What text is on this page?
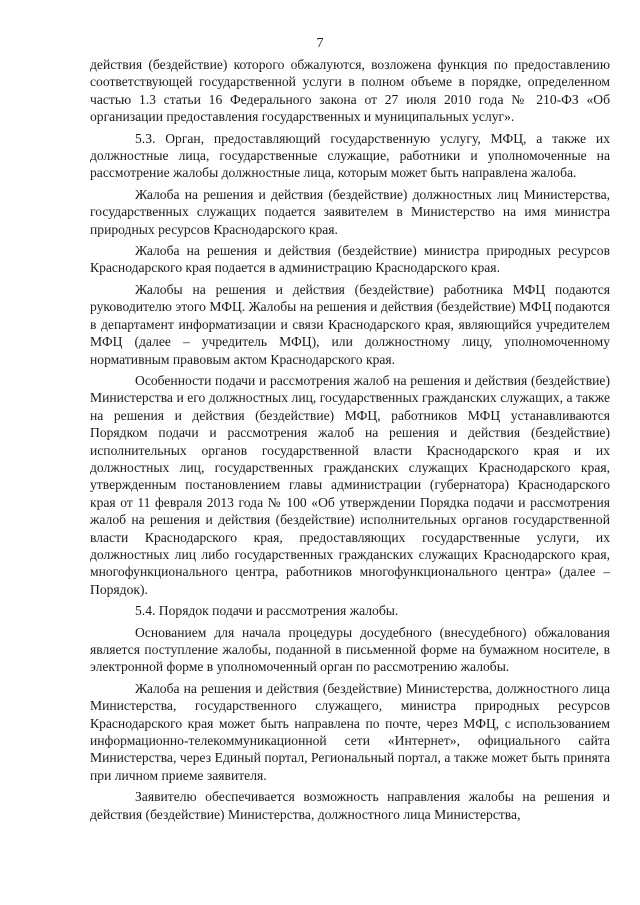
7

действия (бездействие) которого обжалуются, возложена функция по предоставлению соответствующей государственной услуги в полном объеме в порядке, определенном частью 1.3 статьи 16 Федерального закона от 27 июля 2010 года № 210-ФЗ «Об организации предоставления государственных и муниципальных услуг».

5.3. Орган, предоставляющий государственную услугу, МФЦ, а также их должностные лица, государственные служащие, работники и уполномоченные на рассмотрение жалобы должностные лица, которым может быть направлена жалоба.

Жалоба на решения и действия (бездействие) должностных лиц Министерства, государственных служащих подается заявителем в Министерство на имя министра природных ресурсов Краснодарского края.

Жалоба на решения и действия (бездействие) министра природных ресурсов Краснодарского края подается в администрацию Краснодарского края.

Жалобы на решения и действия (бездействие) работника МФЦ подаются руководителю этого МФЦ. Жалобы на решения и действия (бездействие) МФЦ подаются в департамент информатизации и связи Краснодарского края, являющийся учредителем МФЦ (далее – учредитель МФЦ), или должностному лицу, уполномоченному нормативным правовым актом Краснодарского края.

Особенности подачи и рассмотрения жалоб на решения и действия (бездействие) Министерства и его должностных лиц, государственных гражданских служащих, а также на решения и действия (бездействие) МФЦ, работников МФЦ устанавливаются Порядком подачи и рассмотрения жалоб на решения и действия (бездействие) исполнительных органов государственной власти Краснодарского края и их должностных лиц, государственных гражданских служащих Краснодарского края, утвержденным постановлением главы администрации (губернатора) Краснодарского края от 11 февраля 2013 года № 100 «Об утверждении Порядка подачи и рассмотрения жалоб на решения и действия (бездействие) исполнительных органов государственной власти Краснодарского края, предоставляющих государственные услуги, их должностных лиц либо государственных гражданских служащих Краснодарского края, многофункционального центра, работников многофункционального центра» (далее – Порядок).

5.4. Порядок подачи и рассмотрения жалобы.

Основанием для начала процедуры досудебного (внесудебного) обжалования является поступление жалобы, поданной в письменной форме на бумажном носителе, в электронной форме в уполномоченный орган по рассмотрению жалобы.

Жалоба на решения и действия (бездействие) Министерства, должностного лица Министерства, государственного служащего, министра природных ресурсов Краснодарского края может быть направлена по почте, через МФЦ, с использованием информационно-телекоммуникационной сети «Интернет», официального сайта Министерства, через Единый портал, Региональный портал, а также может быть принята при личном приеме заявителя.

Заявителю обеспечивается возможность направления жалобы на решения и действия (бездействие) Министерства, должностного лица Министерства,
